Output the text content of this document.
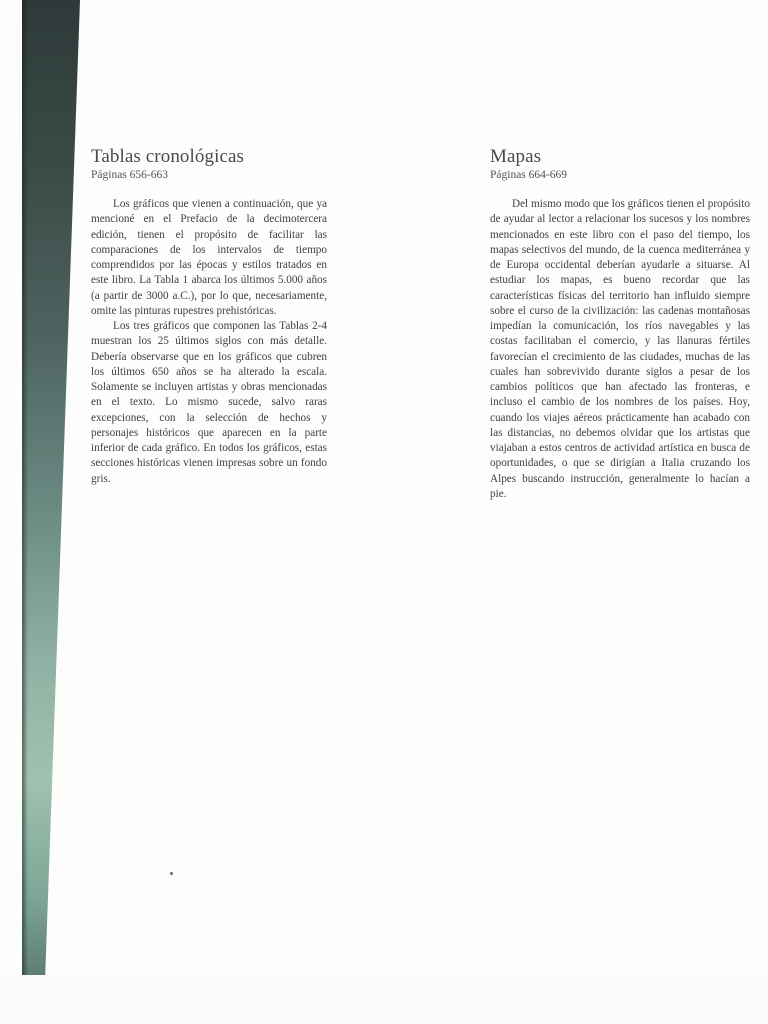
Tablas cronológicas
Páginas 656-663

Los gráficos que vienen a continuación, que ya mencioné en el Prefacio de la decimotercera edición, tienen el propósito de facilitar las comparaciones de los intervalos de tiempo comprendidos por las épocas y estilos tratados en este libro. La Tabla 1 abarca los últimos 5.000 años (a partir de 3000 a.C.), por lo que, necesariamente, omite las pinturas rupestres prehistóricas.

Los tres gráficos que componen las Tablas 2-4 muestran los 25 últimos siglos con más detalle. Debería observarse que en los gráficos que cubren los últimos 650 años se ha alterado la escala. Solamente se incluyen artistas y obras mencionadas en el texto. Lo mismo sucede, salvo raras excepciones, con la selección de hechos y personajes históricos que aparecen en la parte inferior de cada gráfico. En todos los gráficos, estas secciones históricas vienen impresas sobre un fondo gris.

Mapas
Páginas 664-669

Del mismo modo que los gráficos tienen el propósito de ayudar al lector a relacionar los sucesos y los nombres mencionados en este libro con el paso del tiempo, los mapas selectivos del mundo, de la cuenca mediterránea y de Europa occidental deberían ayudarle a situarse. Al estudiar los mapas, es bueno recordar que las características físicas del territorio han influido siempre sobre el curso de la civilización: las cadenas montañosas impedían la comunicación, los ríos navegables y las costas facilitaban el comercio, y las llanuras fértiles favorecían el crecimiento de las ciudades, muchas de las cuales han sobrevivido durante siglos a pesar de los cambios políticos que han afectado las fronteras, e incluso el cambio de los nombres de los países. Hoy, cuando los viajes aéreos prácticamente han acabado con las distancias, no debemos olvidar que los artistas que viajaban a estos centros de actividad artística en busca de oportunidades, o que se dirigían a Italia cruzando los Alpes buscando instrucción, generalmente lo hacían a pie.
